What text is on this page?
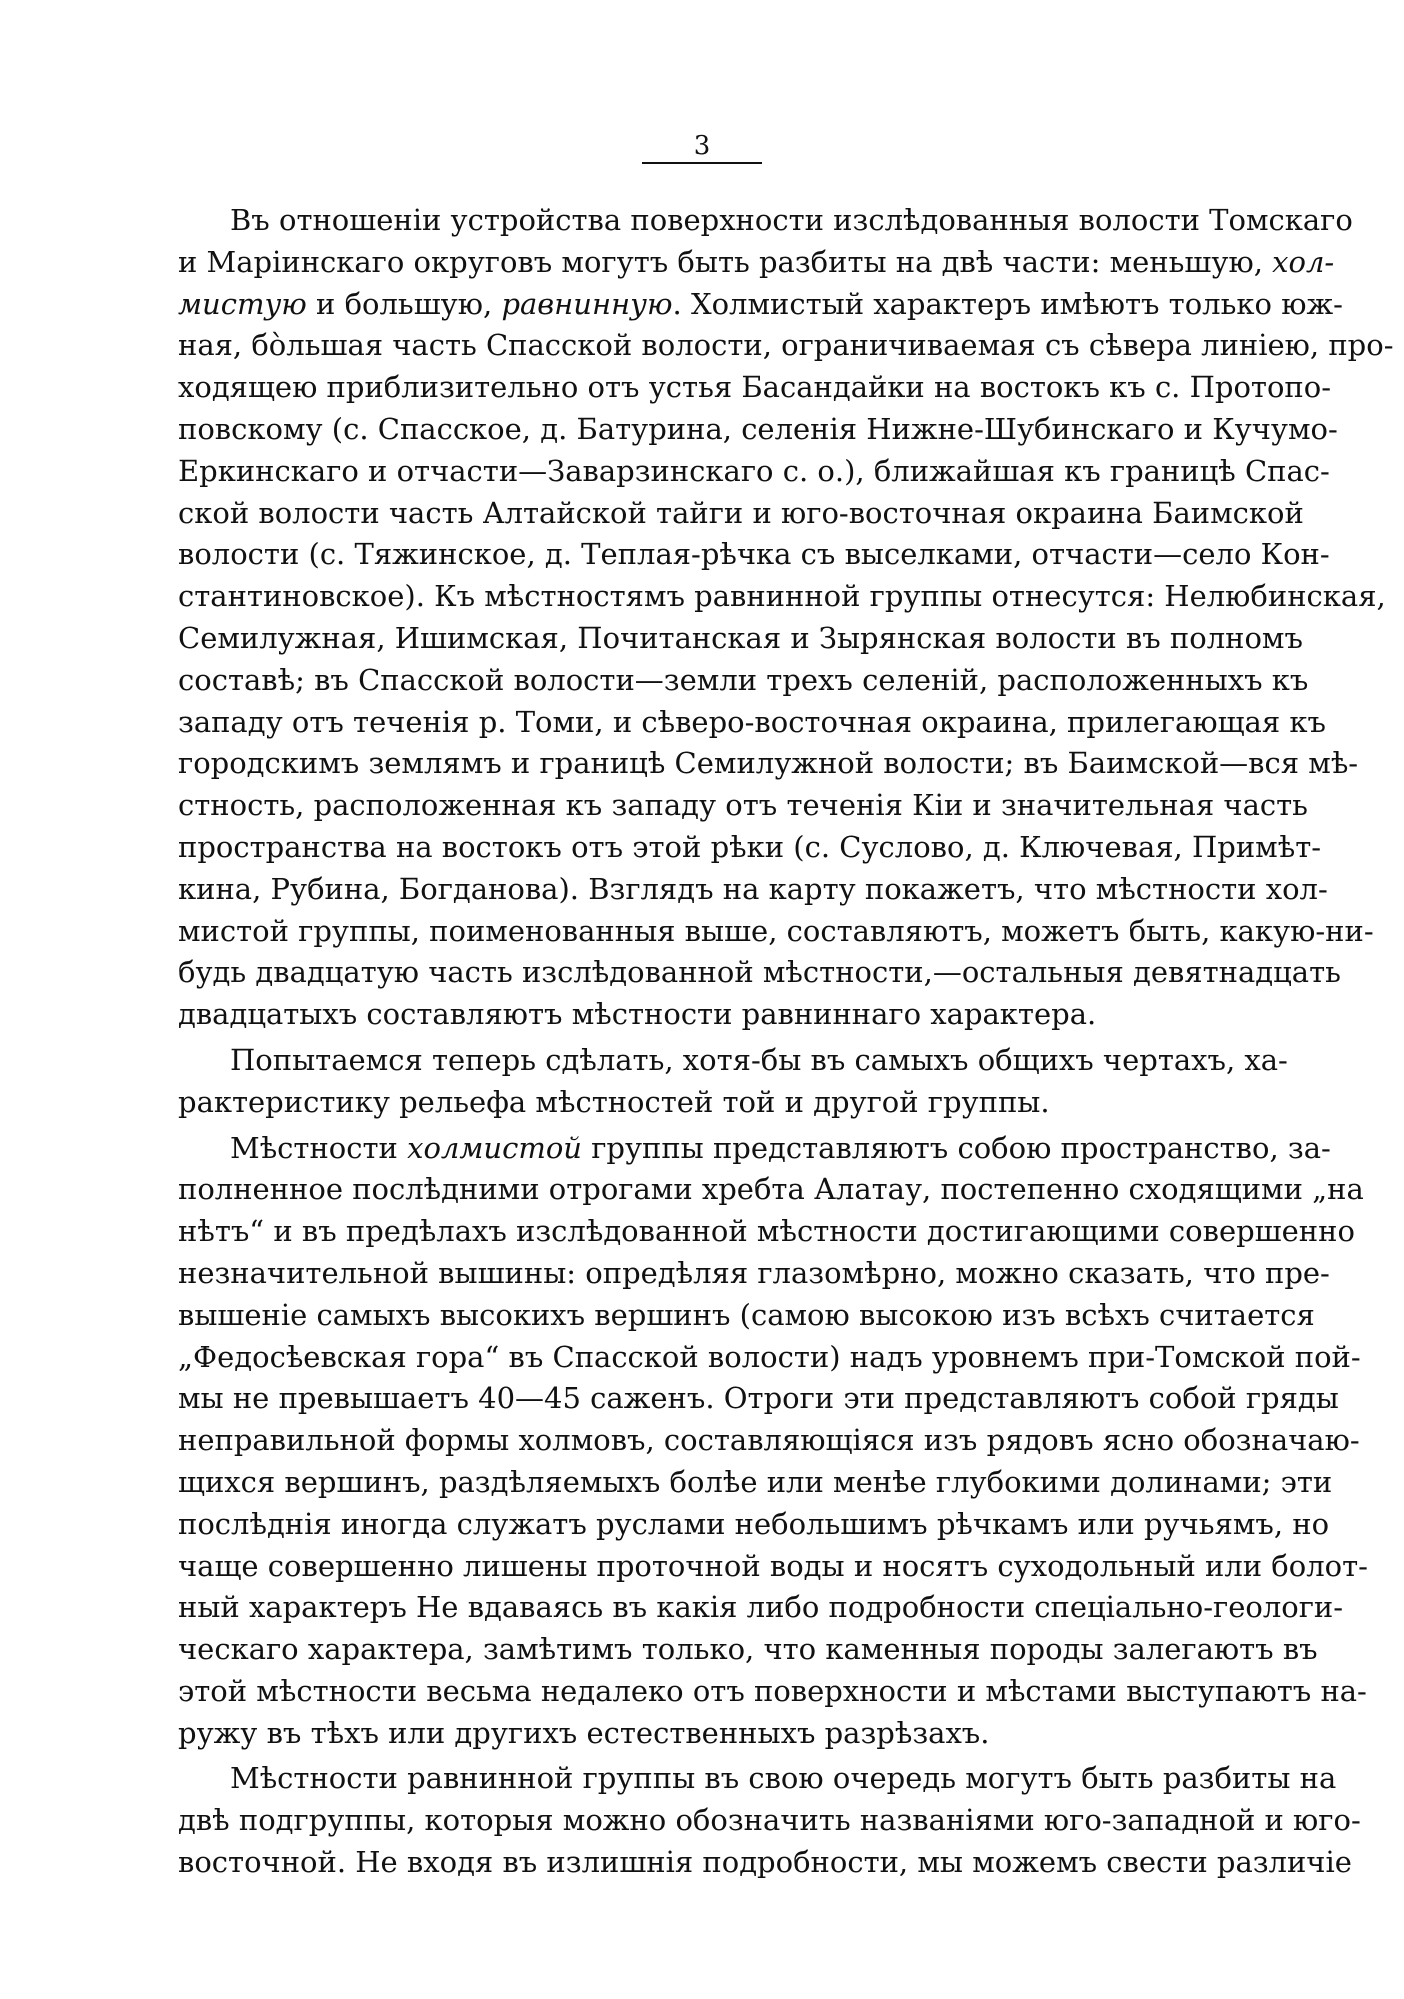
3
Въ отношеніи устройства поверхности изслѣдованныя волости Томскаго
и Маріинскаго округовъ могутъ быть разбиты на двѣ части: меньшую, хол-
мистую и большую, равнинную. Холмистый характеръ имѣютъ только юж-
ная, бòльшая часть Спасской волости, ограничиваемая съ сѣвера линіею, про-
ходящею приблизительно отъ устья Басандайки на востокъ къ с. Протопо-
повскому (с. Спасское, д. Батурина, селенія Нижне-Шубинскаго и Кучумо-
Еркинскаго и отчасти—Заварзинскаго с. о.), ближайшая къ границѣ Спас-
ской волости часть Алтайской тайги и юго-восточная окраина Баимской
волости (с. Тяжинское, д. Теплая-рѣчка съ выселками, отчасти—село Кон-
стантиновское). Къ мѣстностямъ равнинной группы отнесутся: Нелюбинская,
Семилужная, Ишимская, Почитанская и Зырянская волости въ полномъ
составѣ; въ Спасской волости—земли трехъ селеній, расположенныхъ къ
западу отъ теченія р. Томи, и сѣверо-восточная окраина, прилегающая къ
городскимъ землямъ и границѣ Семилужной волости; въ Баимской—вся мѣ-
стность, расположенная къ западу отъ теченія Кіи и значительная часть
пространства на востокъ отъ этой рѣки (с. Суслово, д. Ключевая, Примѣт-
кина, Рубина, Богданова). Взглядъ на карту покажетъ, что мѣстности хол-
мистой группы, поименованныя выше, составляютъ, можетъ быть, какую-ни-
будь двадцатую часть изслѣдованной мѣстности,—остальныя девятнадцать
двадцатыхъ составляютъ мѣстности равниннаго характера.
Попытаемся теперь сдѣлать, хотя-бы въ самыхъ общихъ чертахъ, ха-
рактеристику рельефа мѣстностей той и другой группы.
Мѣстности холмистой группы представляютъ собою пространство, за-
полненное послѣдними отрогами хребта Алатау, постепенно сходящими „на
нѣтъ“ и въ предѣлахъ изслѣдованной мѣстности достигающими совершенно
незначительной вышины: опредѣляя глазомѣрно, можно сказать, что пре-
вышеніе самыхъ высокихъ вершинъ (самою высокою изъ всѣхъ считается
„Федосѣевская гора“ въ Спасской волости) надъ уровнемъ при-Томской пой-
мы не превышаетъ 40—45 саженъ. Отроги эти представляютъ собой гряды
неправильной формы холмовъ, составляющіяся изъ рядовъ ясно обозначаю-
щихся вершинъ, раздѣляемыхъ болѣе или менѣе глубокими долинами; эти
послѣднія иногда служатъ руслами небольшимъ рѣчкамъ или ручьямъ, но
чаще совершенно лишены проточной воды и носятъ суходольный или болот-
ный характеръ Не вдаваясь въ какія либо подробности спеціально-геологи-
ческаго характера, замѣтимъ только, что каменныя породы залегаютъ въ
этой мѣстности весьма недалеко отъ поверхности и мѣстами выступаютъ на-
ружу въ тѣхъ или другихъ естественныхъ разрѣзахъ.
Мѣстности равнинной группы въ свою очередь могутъ быть разбиты на
двѣ подгруппы, которыя можно обозначить названіями юго-западной и юго-
восточной. Не входя въ излишнія подробности, мы можемъ свести различіе
